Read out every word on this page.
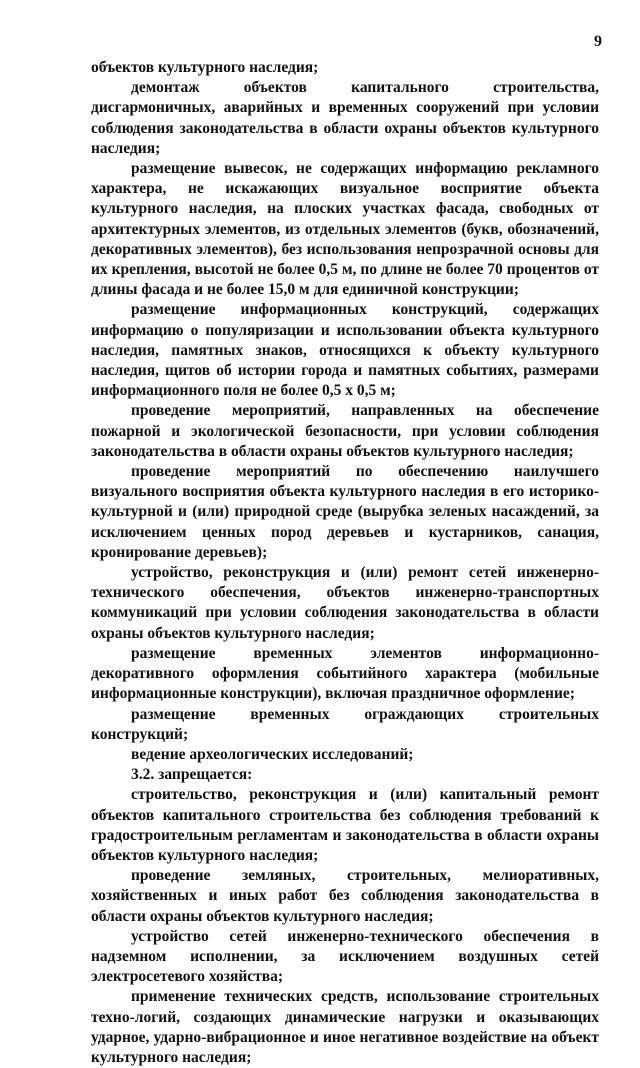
9

объектов культурного наследия;

демонтаж объектов капитального строительства, дисгармоничных, аварийных и временных сооружений при условии соблюдения законодательства в области охраны объектов культурного наследия;

размещение вывесок, не содержащих информацию рекламного характера, не искажающих визуальное восприятие объекта культурного наследия, на плоских участках фасада, свободных от архитектурных элементов, из отдельных элементов (букв, обозначений, декоративных элементов), без использования непрозрачной основы для их крепления, высотой не более 0,5 м, по длине не более 70 процентов от длины фасада и не более 15,0 м для единичной конструкции;

размещение информационных конструкций, содержащих информацию о популяризации и использовании объекта культурного наследия, памятных знаков, относящихся к объекту культурного наследия, щитов об истории города и памятных событиях, размерами информационного поля не более 0,5 х 0,5 м;

проведение мероприятий, направленных на обеспечение пожарной и экологической безопасности, при условии соблюдения законодательства в области охраны объектов культурного наследия;

проведение мероприятий по обеспечению наилучшего визуального восприятия объекта культурного наследия в его историко-культурной и (или) природной среде (вырубка зеленых насаждений, за исключением ценных пород деревьев и кустарников, санация, кронирование деревьев);

устройство, реконструкция и (или) ремонт сетей инженерно-технического обеспечения, объектов инженерно-транспортных коммуникаций при условии соблюдения законодательства в области охраны объектов культурного наследия;

размещение временных элементов информационно-декоративного оформления событийного характера (мобильные информационные конструкции), включая праздничное оформление;

размещение временных ограждающих строительных конструкций;

ведение археологических исследований;

3.2. запрещается:

строительство, реконструкция и (или) капитальный ремонт объектов капитального строительства без соблюдения требований к градостроительным регламентам и законодательства в области охраны объектов культурного наследия;

проведение земляных, строительных, мелиоративных, хозяйственных и иных работ без соблюдения законодательства в области охраны объектов культурного наследия;

устройство сетей инженерно-технического обеспечения в надземном исполнении, за исключением воздушных сетей электросетевого хозяйства;

применение технических средств, использование строительных техно-логий, создающих динамические нагрузки и оказывающих ударное, ударно-вибрационное и иное негативное воздействие на объект культурного наследия;
